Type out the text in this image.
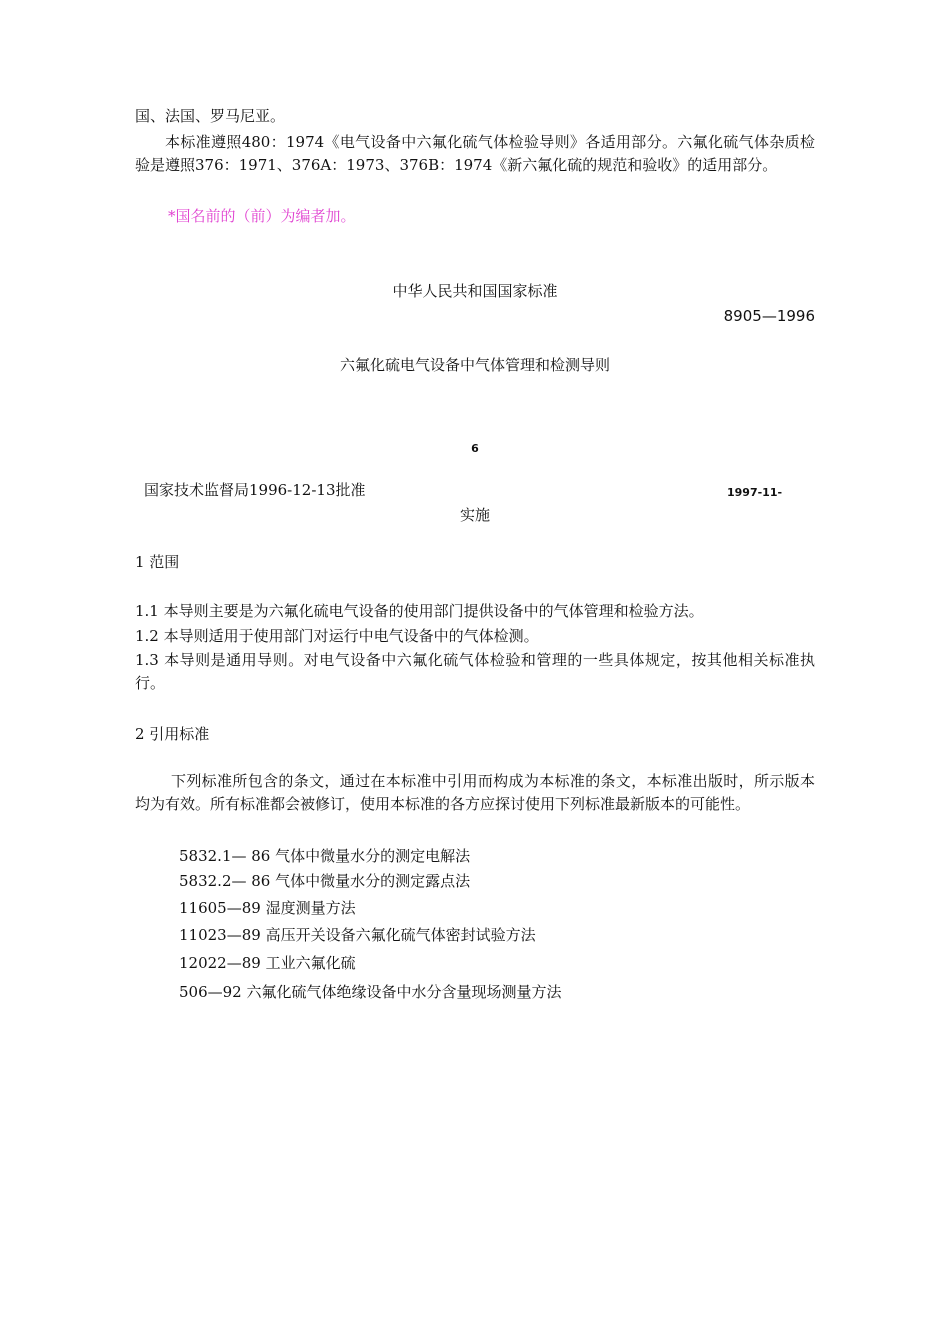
国、法国、罗马尼亚。
本标准遵照480：1974《电气设备中六氟化硫气体检验导则》各适用部分。六氟化硫气体杂质检验是遵照376：1971、376A：1973、376B：1974《新六氟化硫的规范和验收》的适用部分。
*国名前的（前）为编者加。
中华人民共和国国家标准
8905—1996
六氟化硫电气设备中气体管理和检测导则
6
国家技术监督局1996-12-13批准	1997-11-
实施
1 范围
1.1 本导则主要是为六氟化硫电气设备的使用部门提供设备中的气体管理和检验方法。
1.2 本导则适用于使用部门对运行中电气设备中的气体检测。
1.3 本导则是通用导则。对电气设备中六氟化硫气体检验和管理的一些具体规定，按其他相关标准执行。
2 引用标准
下列标准所包含的条文，通过在本标准中引用而构成为本标准的条文，本标准出版时，所示版本均为有效。所有标准都会被修订，使用本标准的各方应探讨使用下列标准最新版本的可能性。
5832.1— 86 气体中微量水分的测定电解法
5832.2— 86 气体中微量水分的测定露点法
11605—89 湿度测量方法
11023—89 高压开关设备六氟化硫气体密封试验方法
12022—89 工业六氟化硫
506—92 六氟化硫气体绝缘设备中水分含量现场测量方法
